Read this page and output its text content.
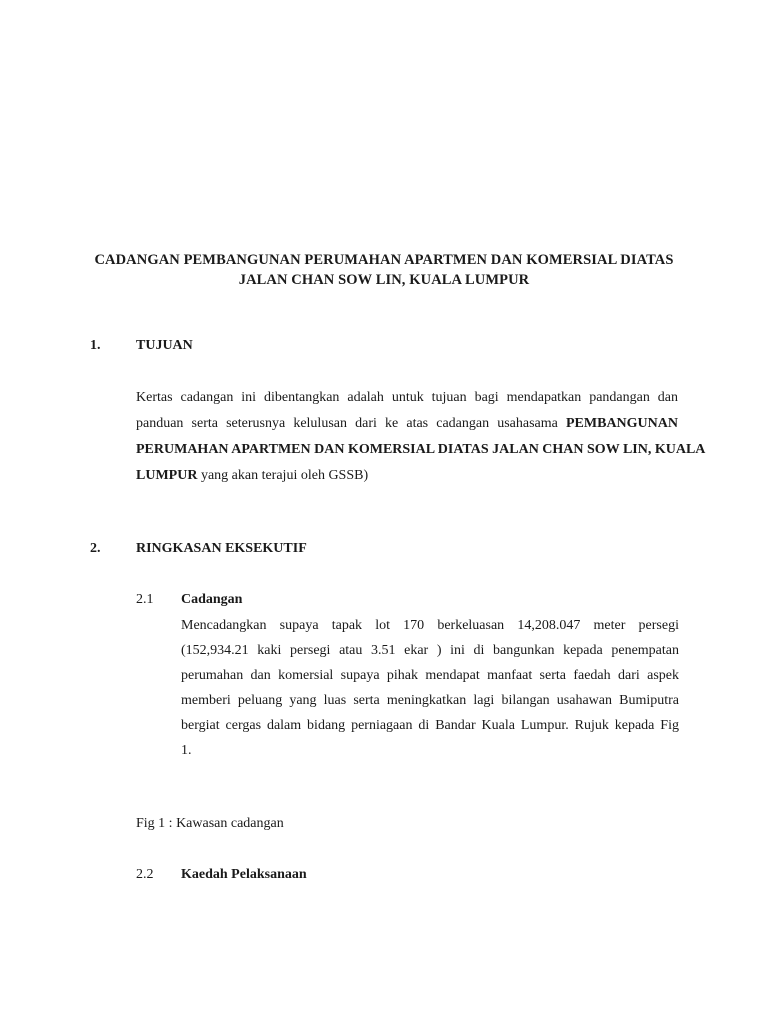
CADANGAN PEMBANGUNAN PERUMAHAN APARTMEN DAN KOMERSIAL DIATAS
JALAN CHAN SOW LIN, KUALA LUMPUR
1.	TUJUAN
Kertas cadangan ini dibentangkan adalah untuk tujuan bagi mendapatkan pandangan dan
panduan serta seterusnya kelulusan dari ke atas cadangan usahasama PEMBANGUNAN
PERUMAHAN APARTMEN DAN KOMERSIAL DIATAS JALAN CHAN SOW LIN, KUALA
LUMPUR yang akan terajui oleh GSSB)
2.	RINGKASAN EKSEKUTIF
2.1 Cadangan
Mencadangkan supaya tapak lot 170 berkeluasan 14,208.047 meter persegi
(152,934.21 kaki persegi atau 3.51 ekar ) ini di bangunkan kepada penempatan
perumahan dan komersial supaya pihak mendapat manfaat serta faedah dari aspek
memberi peluang yang luas serta meningkatkan lagi bilangan usahawan Bumiputra
bergiat cergas dalam bidang perniagaan di Bandar Kuala Lumpur. Rujuk kepada Fig
1.
Fig 1 : Kawasan cadangan
2.2 Kaedah Pelaksanaan
